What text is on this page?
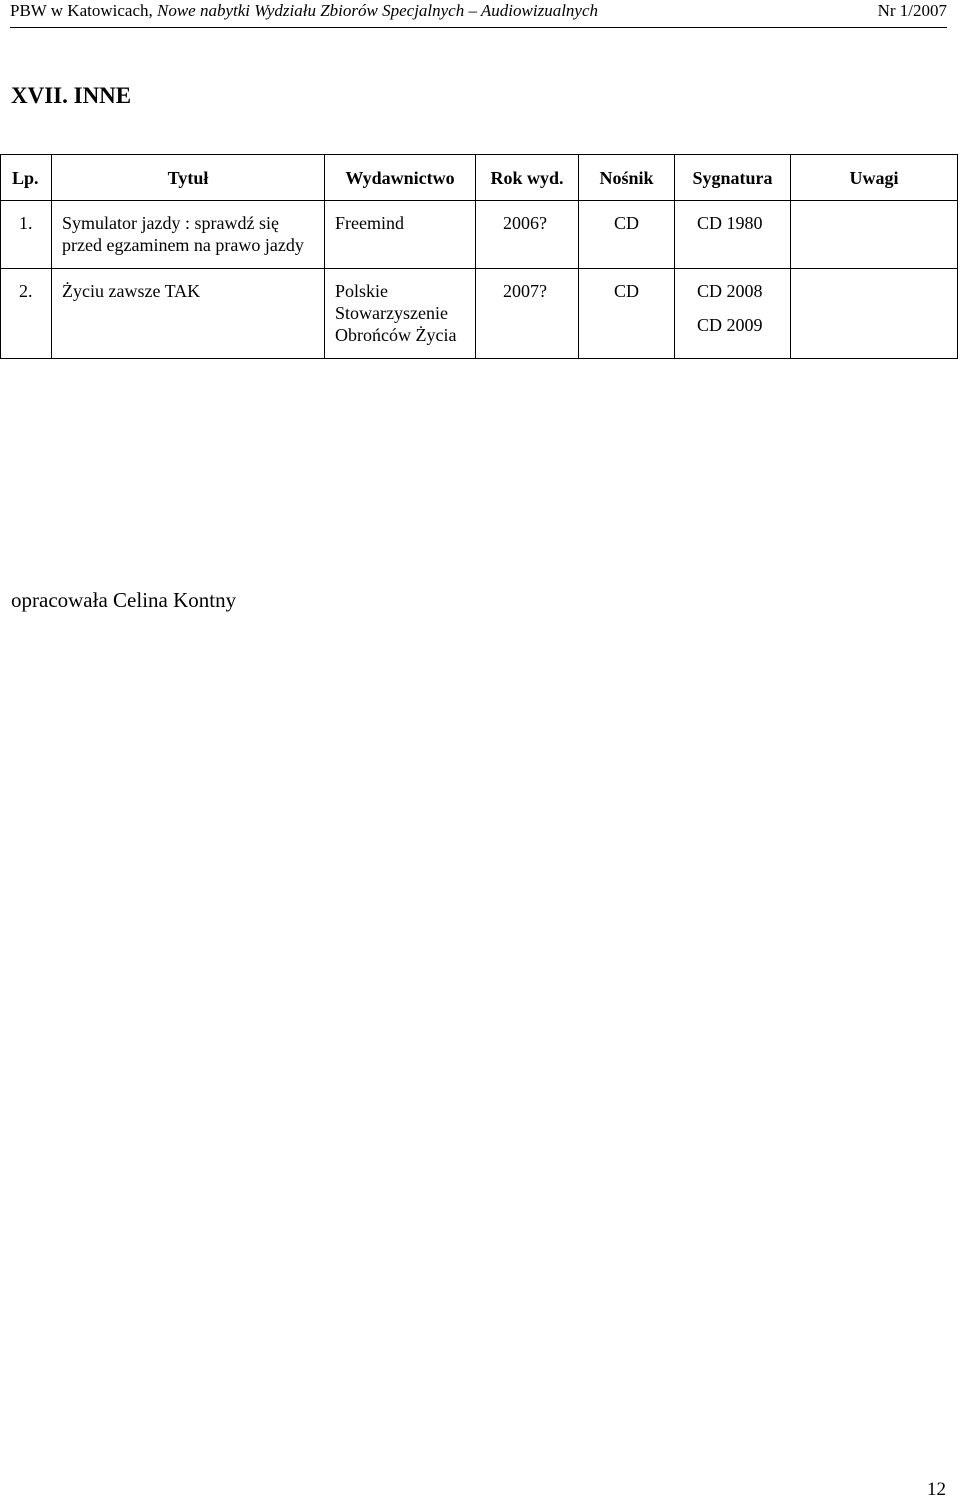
PBW w Katowicach, Nowe nabytki Wydziału Zbiorów Specjalnych – Audiowizualnych	Nr 1/2007
XVII. INNE
Lp.	Tytuł	Wydawnictwo	Rok wyd.	Nośnik	Sygnatura	Uwagi
1.	Symulator jazdy : sprawdź się przed egzaminem na prawo jazdy	Freemind	2006?	CD	CD 1980	

2.	Życiu zawsze TAK	Polskie Stowarzyszenie Obrońców Życia	2007?	CD	CD 2008
CD 2009	

opracowała Celina Kontny
12
